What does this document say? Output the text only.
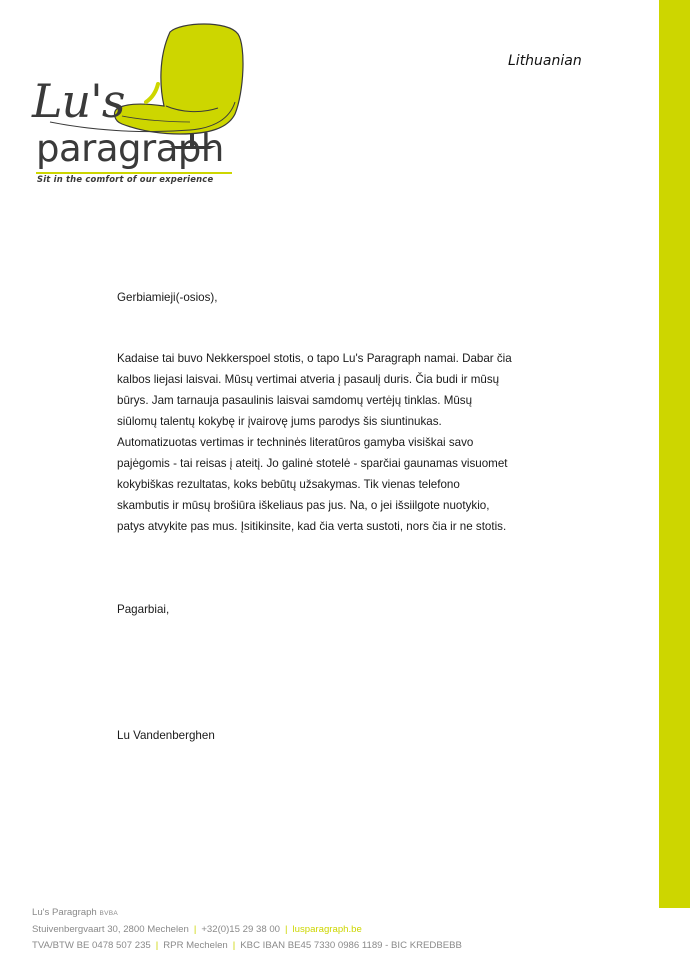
Lu's
paragraph
Sit in the comfort of our experience
Lithuanian
Gerbiamieji(-osios),
Kadaise tai buvo Nekkerspoel stotis, o tapo Lu's Paragraph namai. Dabar čia kalbos liejasi laisvai. Mūsų vertimai atveria į pasaulį duris. Čia budi ir mūsų būrys. Jam tarnauja pasaulinis laisvai samdomų vertėjų tinklas. Mūsų siūlomų talentų kokybę ir įvairovę jums parodys šis siuntinukas. Automatizuotas vertimas ir techninės literatūros gamyba visiškai savo pajėgomis - tai reisas į ateitį. Jo galinė stotelė - sparčiai gaunamas visuomet kokybiškas rezultatas, koks bebūtų užsakymas. Tik vienas telefono skambutis ir mūsų brošiūra iškeliaus pas jus. Na, o jei išsiilgote nuotykio, patys atvykite pas mus. Įsitikinsite, kad čia verta sustoti, nors čia ir ne stotis.
Pagarbiai,
Lu Vandenberghen
Lu's Paragraph BVBA
Stuivenbergvaart 30, 2800 Mechelen | +32(0)15 29 38 00 | lusparagraph.be
TVA/BTW BE 0478 507 235 | RPR Mechelen | KBC IBAN BE45 7330 0986 1189 - BIC KREDBEBB
